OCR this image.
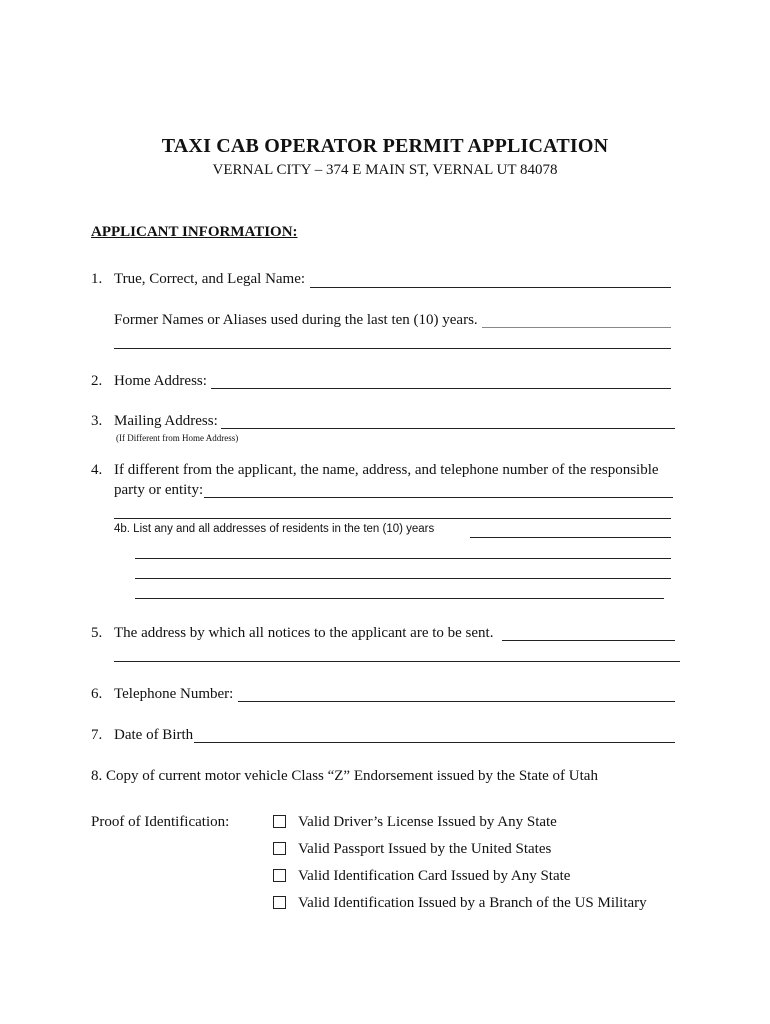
TAXI CAB OPERATOR PERMIT APPLICATION
VERNAL CITY – 374 E MAIN ST, VERNAL UT 84078
APPLICANT INFORMATION:
1. True, Correct, and Legal Name:
Former Names or Aliases used during the last ten (10) years.
2. Home Address:
3. Mailing Address:
(If Different from Home Address)
4. If different from the applicant, the name, address, and telephone number of the responsible
party or entity:
4b. List any and all addresses of residents in the ten (10) years
5. The address by which all notices to the applicant are to be sent.
6. Telephone Number:
7. Date of Birth
8. Copy of current motor vehicle Class “Z” Endorsement issued by the State of Utah
Proof of Identification:	Valid Driver’s License Issued by Any State
Valid Passport Issued by the United States
Valid Identification Card Issued by Any State
Valid Identification Issued by a Branch of the US Military
